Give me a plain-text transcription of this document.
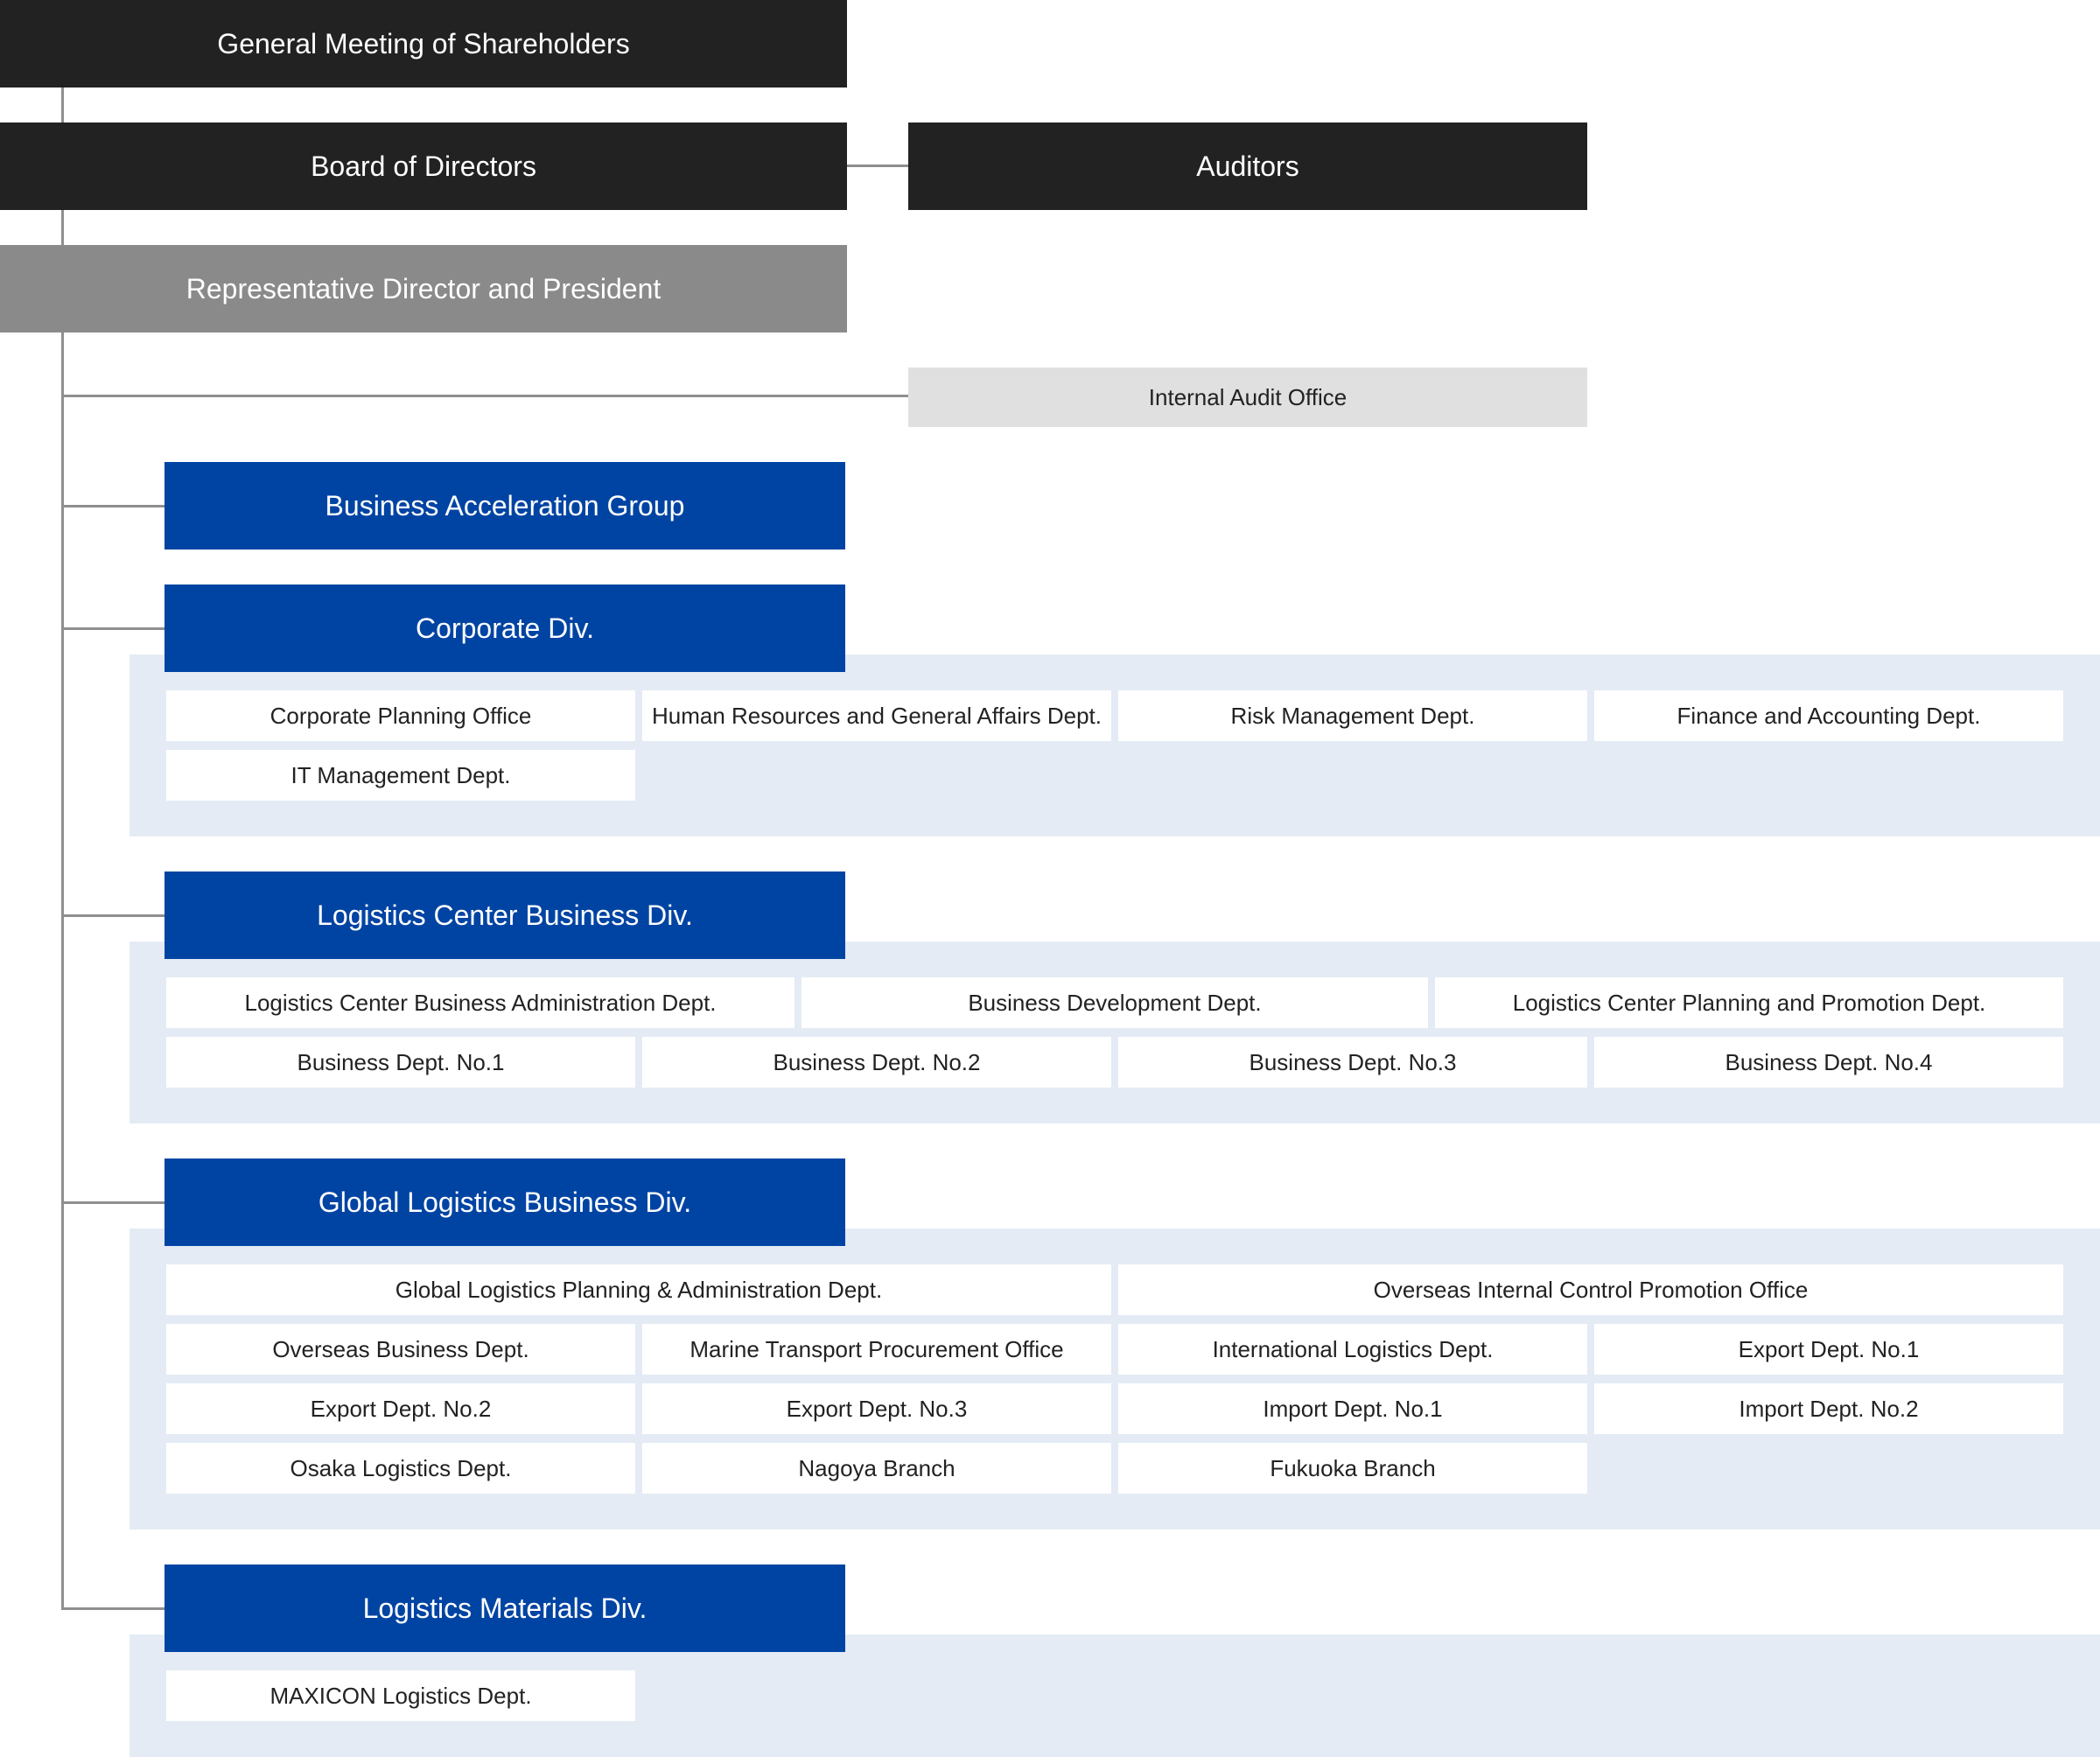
General Meeting of Shareholders
Board of Directors	Auditors
Representative Director and President
Internal Audit Office
Business Acceleration Group
Corporate Div.
Corporate Planning Office	Human Resources and General Affairs Dept.	Risk Management Dept.	Finance and Accounting Dept.
IT Management Dept.
Logistics Center Business Div.
Logistics Center Business Administration Dept.	Business Development Dept.	Logistics Center Planning and Promotion Dept.
Business Dept. No.1	Business Dept. No.2	Business Dept. No.3	Business Dept. No.4
Global Logistics Business Div.
Global Logistics Planning & Administration Dept.	Overseas Internal Control Promotion Office
Overseas Business Dept.	Marine Transport Procurement Office	International Logistics Dept.	Export Dept. No.1
Export Dept. No.2	Export Dept. No.3	Import Dept. No.1	Import Dept. No.2
Osaka Logistics Dept.	Nagoya Branch	Fukuoka Branch
Logistics Materials Div.
MAXICON Logistics Dept.
